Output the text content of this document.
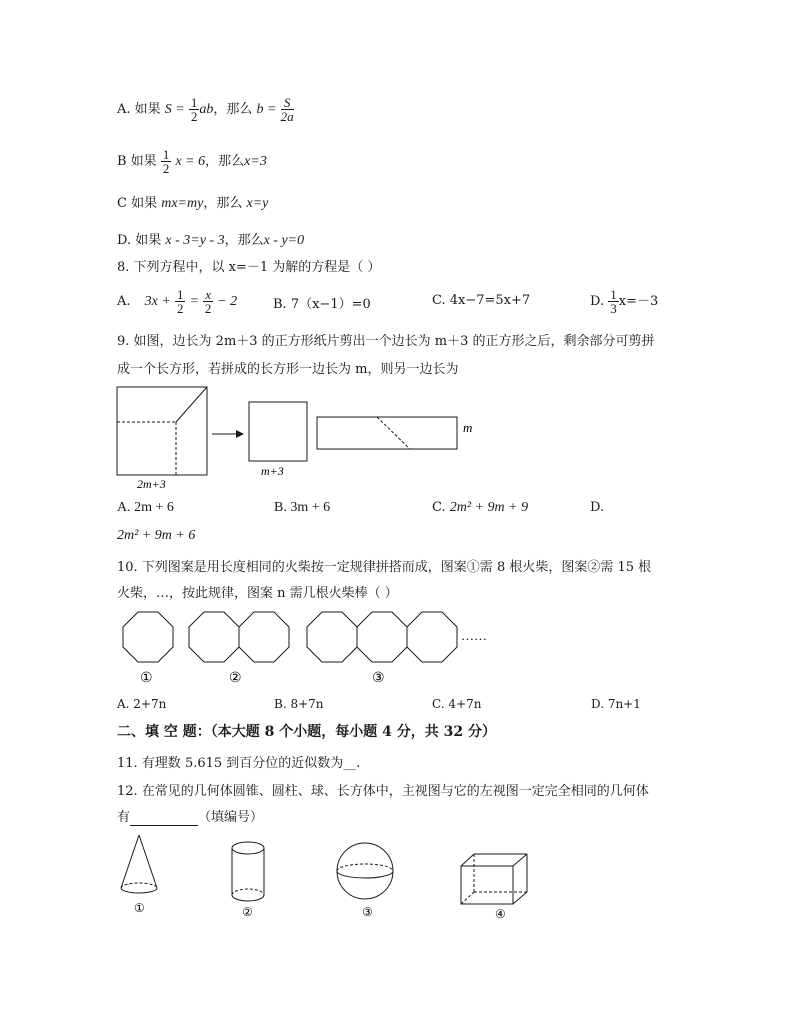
A. 如果 $S = \frac{1}{2}$ ab，那么 $b = \frac{S}{2a}$
B 如果 $\frac{1}{2}$ x = 6，那么x=3
C 如果 mx=my，那么 x=y
D. 如果 x - 3=y - 3，那么x - y=0
8. 下列方程中，以 x=－1 为解的方程是（ ）
A. $3x + \frac{1}{2} = \frac{x}{2} - 2$	B. 7（x−1）=0	C. 4x−7=5x+7	D. $\frac{1}{3} x=-3$
9. 如图，边长为 2m＋3 的正方形纸片剪出一个边长为 m＋3 的正方形之后，剩余部分可剪拼
成一个长方形，若拼成的长方形一边长为 m，则另一边长为
2m+3
m+3
m
A. 2m + 6	B. 3m + 6	C. 2m² + 9m + 9	D.
2m² + 9m + 6
10. 下列图案是用长度相同的火柴按一定规律拼搭而成，图案①需 8 根火柴，图案②需 15 根
火柴，…，按此规律，图案 n 需几根火柴棒（ ）
……
①	②	③
A. 2+7n	B. 8+7n	C. 4+7n	D. 7n+1
二、填 空 题：（本大题 8 个小题，每小题 4 分，共 32 分）
11. 有理数 5.615 到百分位的近似数为__.
12. 在常见的几何体圆锥、圆柱、球、长方体中，主视图与它的左视图一定完全相同的几何体
有	（填编号）
①	②	③	④
